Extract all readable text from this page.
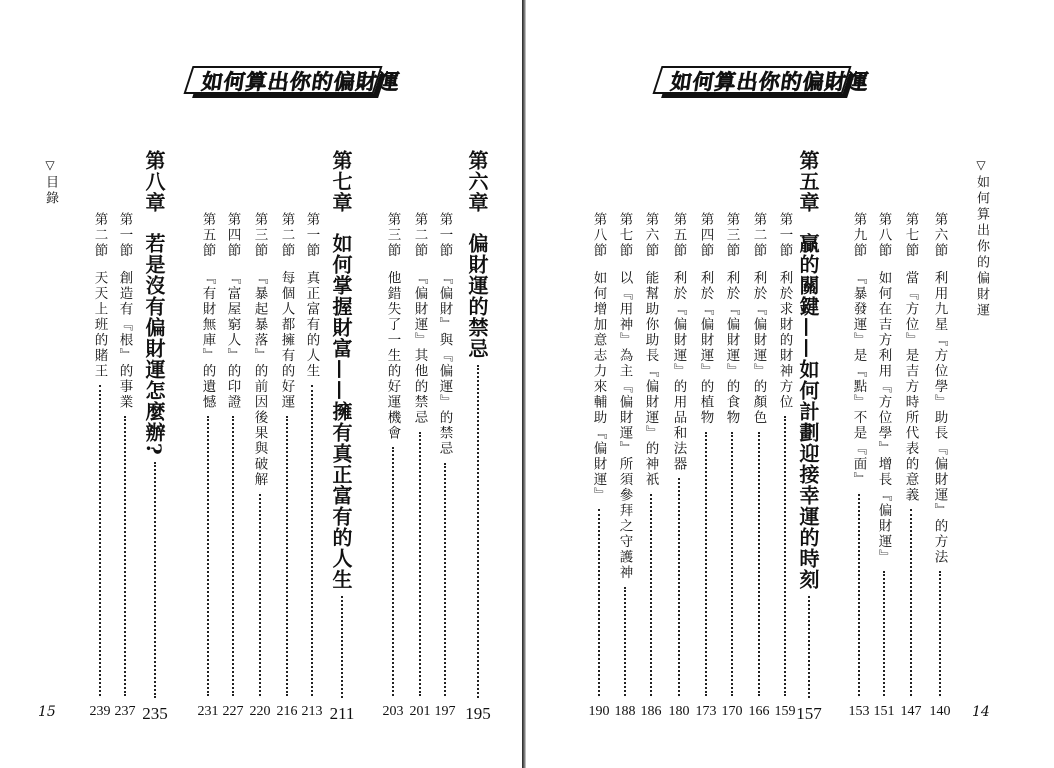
如何算出你的偏財運
▽目錄
15
第八章若是沒有偏財運怎麼辦?
235
第一節創造有『根』的事業
237
第二節天天上班的賭王
239
第七章如何掌握財富——擁有真正富有的人生
211
第一節真正富有的人生
213
第二節每個人都擁有的好運
216
第三節『暴起暴落』的前因後果與破解
220
第四節『富屋窮人』的印證
227
第五節『有財無庫』的遺憾
231
第六章偏財運的禁忌
195
第一節『偏財』與『偏運』的禁忌
197
第二節『偏財運』其他的禁忌
201
第三節他錯失了一生的好運機會
203
如何算出你的偏財運
▽如何算出你的偏財運
14
第九節『暴發運』是『點』不是『面』
153
第八節如何在吉方利用『方位學』增長『偏財運』
151
第七節當『方位』是吉方時所代表的意義
147
第六節利用九星『方位學』助長『偏財運』的方法
140
第五章贏的關鍵——如何計劃迎接幸運的時刻
157
第八節如何增加意志力來輔助『偏財運』
190
第七節以『用神』為主『偏財運』所須參拜之守護神
188
第六節能幫助你助長『偏財運』的神祇
186
第五節利於『偏財運』的用品和法器
180
第四節利於『偏財運』的植物
173
第三節利於『偏財運』的食物
170
第二節利於『偏財運』的顏色
166
第一節利於求財的財神方位
159
